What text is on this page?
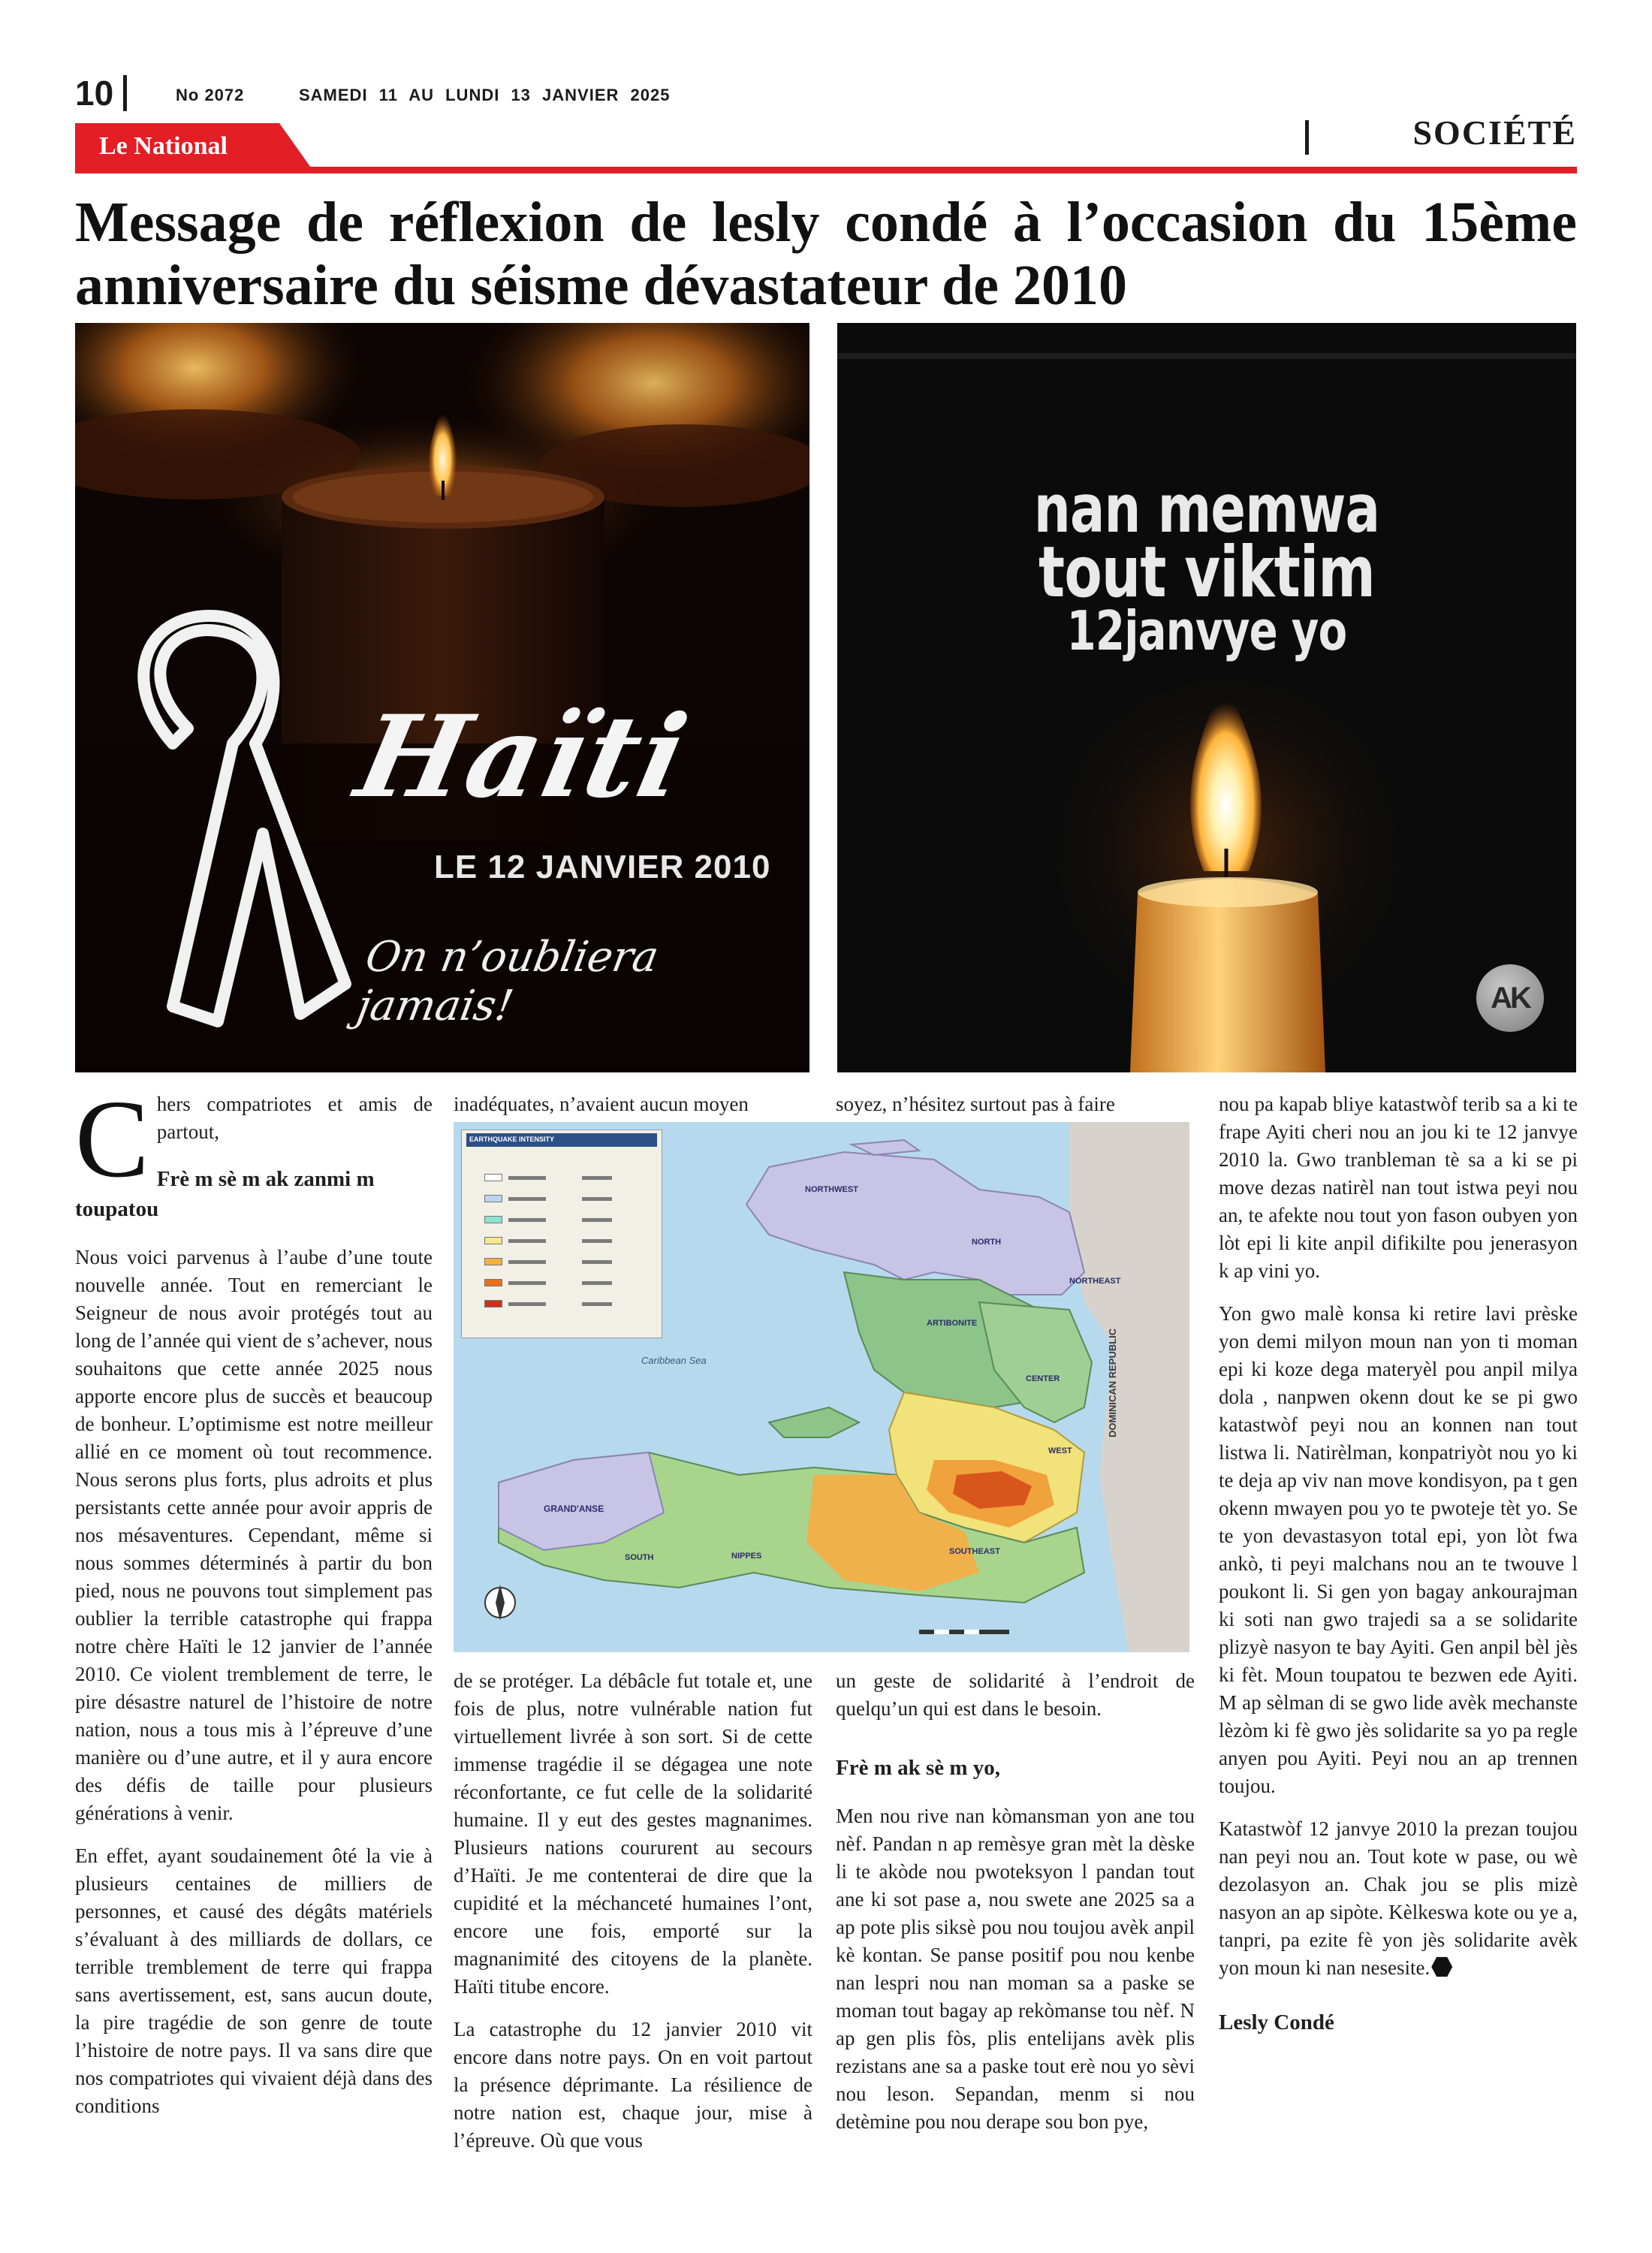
10	No 2072	SAMEDI 11 AU LUNDI 13 JANVIER 2025
Le National	SOCIÉTÉ
Message de réflexion de lesly condé à l’occasion du 15ème anniversaire du séisme dévastateur de 2010
Haïti
LE 12 JANVIER 2010
On n’oubliera jamais!
nan memwa
tout viktim
12janvye yo
AK

Chers compatriotes et amis de partout,

Frè m sè m ak zanmi m toupatou

Nous voici parvenus à l’aube d’une toute nouvelle année. Tout en remerciant le Seigneur de nous avoir protégés tout au long de l’année qui vient de s’achever, nous souhaitons que cette année 2025 nous apporte encore plus de succès et beaucoup de bonheur. L’optimisme est notre meilleur allié en ce moment où tout recommence. Nous serons plus forts, plus adroits et plus persistants cette année pour avoir appris de nos mésaventures. Cependant, même si nous sommes déterminés à partir du bon pied, nous ne pouvons tout simplement pas oublier la terrible catastrophe qui frappa notre chère Haïti le 12 janvier de l’année 2010. Ce violent tremblement de terre, le pire désastre naturel de l’histoire de notre nation, nous a tous mis à l’épreuve d’une manière ou d’une autre, et il y aura encore des défis de taille pour plusieurs générations à venir.

En effet, ayant soudainement ôté la vie à plusieurs centaines de milliers de personnes, et causé des dégâts matériels s’évaluant à des milliards de dollars, ce terrible tremblement de terre qui frappa sans avertissement, est, sans aucun doute, la pire tragédie de son genre de toute l’histoire de notre pays. Il va sans dire que nos compatriotes qui vivaient déjà dans des conditions

inadéquates, n’avaient aucun moyen

EARTHQUAKE INTENSITY
NORTHWEST
NORTH
NORTHEAST
ARTIBONITE
CENTER
WEST
SOUTHEAST
SOUTH	NIPPES
GRAND'ANSE
Caribbean Sea	DOMINICAN REPUBLIC

de se protéger. La débâcle fut totale et, une fois de plus, notre vulnérable nation fut virtuellement livrée à son sort. Si de cette immense tragédie il se dégagea une note réconfortante, ce fut celle de la solidarité humaine. Il y eut des gestes magnanimes. Plusieurs nations coururent au secours d’Haïti. Je me contenterai de dire que la cupidité et la méchanceté humaines l’ont, encore une fois, emporté sur la magnanimité des citoyens de la planète. Haïti titube encore.

La catastrophe du 12 janvier 2010 vit encore dans notre pays. On en voit partout la présence déprimante. La résilience de notre nation est, chaque jour, mise à l’épreuve. Où que vous

soyez, n’hésitez surtout pas à faire

un geste de solidarité à l’endroit de quelqu’un qui est dans le besoin.

Frè m ak sè m yo,

Men nou rive nan kòmansman yon ane tou nèf. Pandan n ap remèsye gran mèt la dèske li te akòde nou pwoteksyon l pandan tout ane ki sot pase a, nou swete ane 2025 sa a ap pote plis siksè pou nou toujou avèk anpil kè kontan. Se panse positif pou nou kenbe nan lespri nou nan moman sa a paske se moman tout bagay ap rekòmanse tou nèf. N ap gen plis fòs, plis entelijans avèk plis rezistans ane sa a paske tout erè nou yo sèvi nou leson. Sepandan, menm si nou detèmine pou nou derape sou bon pye,

nou pa kapab bliye katastwòf terib sa a ki te frape Ayiti cheri nou an jou ki te 12 janvye 2010 la. Gwo tranbleman tè sa a ki se pi move dezas natirèl nan tout istwa peyi nou an, te afekte nou tout yon fason oubyen yon lòt epi li kite anpil difikilte pou jenerasyon k ap vini yo.

Yon gwo malè konsa ki retire lavi prèske yon demi milyon moun nan yon ti moman epi ki koze dega materyèl pou anpil milya dola , nanpwen okenn dout ke se pi gwo katastwòf peyi nou an konnen nan tout listwa li. Natirèlman, konpatriyòt nou yo ki te deja ap viv nan move kondisyon, pa t gen okenn mwayen pou yo te pwoteje tèt yo. Se te yon devastasyon total epi, yon lòt fwa ankò, ti peyi malchans nou an te twouve l poukont li. Si gen yon bagay ankourajman ki soti nan gwo trajedi sa a se solidarite plizyè nasyon te bay Ayiti. Gen anpil bèl jès ki fèt. Moun toupatou te bezwen ede Ayiti. M ap sèlman di se gwo lide avèk mechanste lèzòm ki fè gwo jès solidarite sa yo pa regle anyen pou Ayiti. Peyi nou an ap trennen toujou.

Katastwòf 12 janvye 2010 la prezan toujou nan peyi nou an. Tout kote w pase, ou wè dezolasyon an. Chak jou se plis mizè nasyon an ap sipòte. Kèlkeswa kote ou ye a, tanpri, pa ezite fè yon jès solidarite avèk yon moun ki nan nesesite.

Lesly Condé
